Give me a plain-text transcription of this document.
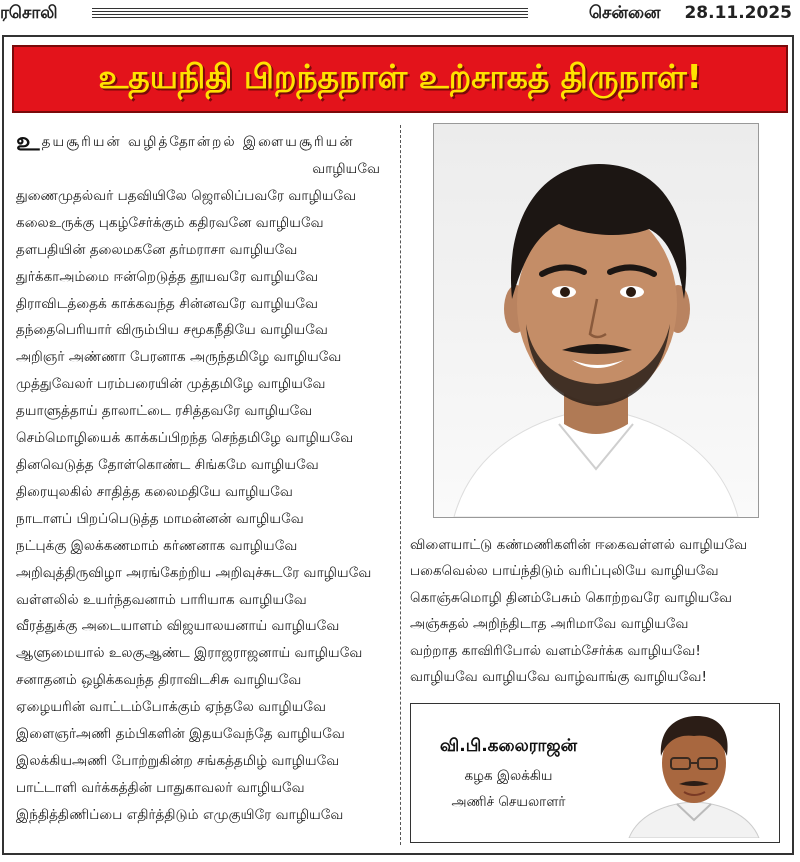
ரசொலி	சென்னை 28.11.2025
உதயநிதி பிறந்தநாள் உற்சாகத் திருநாள்!
உ தயசூரியன் வழித்தோன்றல் இளையசூரியன்
வாழியவே
துணைமுதல்வர் பதவியிலே ஜொலிப்பவரே வாழியவே
கலைஉருக்கு புகழ்சேர்க்கும் கதிரவனே வாழியவே
தளபதியின் தலைமகனே தர்மராசா வாழியவே
துர்க்காஅம்மை ஈன்றெடுத்த தூயவரே வாழியவே
திராவிடத்தைக் காக்கவந்த சின்னவரே வாழியவே
தந்தைபெரியார் விரும்பிய சமூகநீதியே வாழியவே
அறிஞர் அண்ணா பேரனாக அருந்தமிழே வாழியவே
முத்துவேலர் பரம்பரையின் முத்தமிழே வாழியவே
தயாளுத்தாய் தாலாட்டை ரசித்தவரே வாழியவே
செம்மொழியைக் காக்கப்பிறந்த செந்தமிழே வாழியவே
தினவெடுத்த தோள்கொண்ட சிங்கமே வாழியவே
திரையுலகில் சாதித்த கலைமதியே வாழியவே
நாடாளப் பிறப்பெடுத்த மாமன்னன் வாழியவே
நட்புக்கு இலக்கணமாம் கர்ணனாக வாழியவே
அறிவுத்திருவிழா அரங்கேற்றிய அறிவுச்சுடரே வாழியவே
வள்ளலில் உயர்ந்தவனாம் பாரியாக வாழியவே
வீரத்துக்கு அடையாளம் விஜயாலயனாய் வாழியவே
ஆளுமையால் உலகுஆண்ட இராஜராஜனாய் வாழியவே
சனாதனம் ஒழிக்கவந்த திராவிடசிசு வாழியவே
ஏழையரின் வாட்டம்போக்கும் ஏந்தலே வாழியவே
இளைஞர்அணி தம்பிகளின் இதயவேந்தே வாழியவே
இலக்கியஅணி போற்றுகின்ற சங்கத்தமிழ் வாழியவே
பாட்டாளி வர்க்கத்தின் பாதுகாவலர் வாழியவே
இந்தித்திணிப்பை எதிர்த்திடும் எமுகுயிரே வாழியவே
விளையாட்டு கண்மணிகளின் ஈகைவள்ளல் வாழியவே
பகைவெல்ல பாய்ந்திடும் வரிப்புலியே வாழியவே
கொஞ்சுமொழி தினம்பேசும் கொற்றவரே வாழியவே
அஞ்சுதல் அறிந்திடாத அரிமாவே வாழியவே
வற்றாத காவிரிபோல் வளம்சேர்க்க வாழியவே!
வாழியவே வாழியவே வாழ்வாங்கு வாழியவே!
வி.பி.கலைராஜன்
கழக இலக்கிய
அணிச் செயலாளர்
